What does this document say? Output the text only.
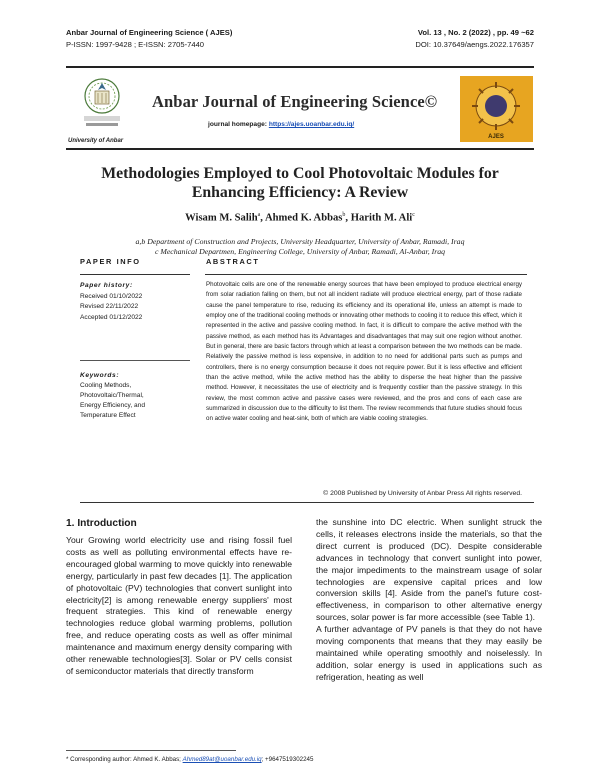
Anbar Journal of Engineering Science ( AJES)
P-ISSN: 1997-9428 ; E-ISSN: 2705-7440
Vol. 13 , No. 2 (2022) , pp. 49 ~62
DOI: 10.37649/aengs.2022.176357
University of Anbar
Anbar Journal of Engineering Science©
journal homepage: https://ajes.uoanbar.edu.iq/
AJES
Methodologies Employed to Cool Photovoltaic Modules for
Enhancing Efficiency: A Review
Wisam M. Salih$^a$, Ahmed K. Abbas$^b$, Harith M. Ali$^c$
a,b Department of Construction and Projects, University Headquarter, University of Anbar, Ramadi, Iraq
c Mechanical Departmen, Engineering College, University of Anbar, Ramadi, Al-Anbar, Iraq
PAPER INFO	ABSTRACT
Paper history:
Received 01/10/2022
Revised 22/11/2022
Accepted 01/12/2022
Keywords:
Cooling Methods,
Photovoltaic/Thermal,
Energy Efficiency, and
Temperature Effect
Photovoltaic cells are one of the renewable energy sources that have been employed to produce electrical energy from solar radiation falling on them, but not all incident radiate will produce electrical energy, part of those radiate cause the panel temperature to rise, reducing its efficiency and its operational life, unless an attempt is made to employ one of the traditional cooling methods or innovating other methods to cooling it to reduce this effect, which it represented in the active and passive cooling method. In fact, it is difficult to compare the active method with the passive method, as each method has its Advantages and disadvantages that may suit one region without another. But in general, there are basic factors through which at least a comparison between the two methods can be made. Relatively the passive method is less expensive, in addition to no need for additional parts such as pumps and controllers, there is no energy consumption because it does not require power. But it is less effective and efficient than the active method, while the active method has the ability to disperse the heat higher than the passive method. However, it necessitates the use of electricity and is frequently costlier than the passive strategy. In this review, the most common active and passive cases were reviewed, and the pros and cons of each case are summarized in discussion due to the difficulty to list them. The review recommends that future studies should focus on active water cooling and heat-sink, both of which are viable cooling strategies.
© 2008 Published by University of Anbar Press All rights reserved.
1. Introduction

Your Growing world electricity use and rising fossil fuel costs as well as polluting environmental effects have re-encouraged global warming to move quickly into renewable energy, particularly in past few decades [1]. The application of photovoltaic (PV) technologies that convert sunlight into electricity[2] is among renewable energy suppliers' most frequent strategies. This kind of renewable energy technologies reduce global warming problems, pollution free, and reduce operating costs as well as offer minimal maintenance and maximum energy density comparing with other renewable technologies[3]. Solar or PV cells consist of semiconductor materials that directly transform

the sunshine into DC electric. When sunlight struck the cells, it releases electrons inside the materials, so that the direct current is produced (DC). Despite considerable advances in technology that convert sunlight into power, the major impediments to the mainstream usage of solar technologies are expensive capital prices and low conversion skills [4]. Aside from the panel's future cost-effectiveness, in comparison to other alternative energy sources, solar power is far more accessible (see Table 1).

A further advantage of PV panels is that they do not have moving components that means that they may easily be maintained while operating smoothly and noiselessly. In addition, solar energy is used in applications such as refrigeration, heating as well

* Corresponding author: Ahmed K. Abbas; Ahmed89at@uoanbar.edu.iq; +9647519302245
